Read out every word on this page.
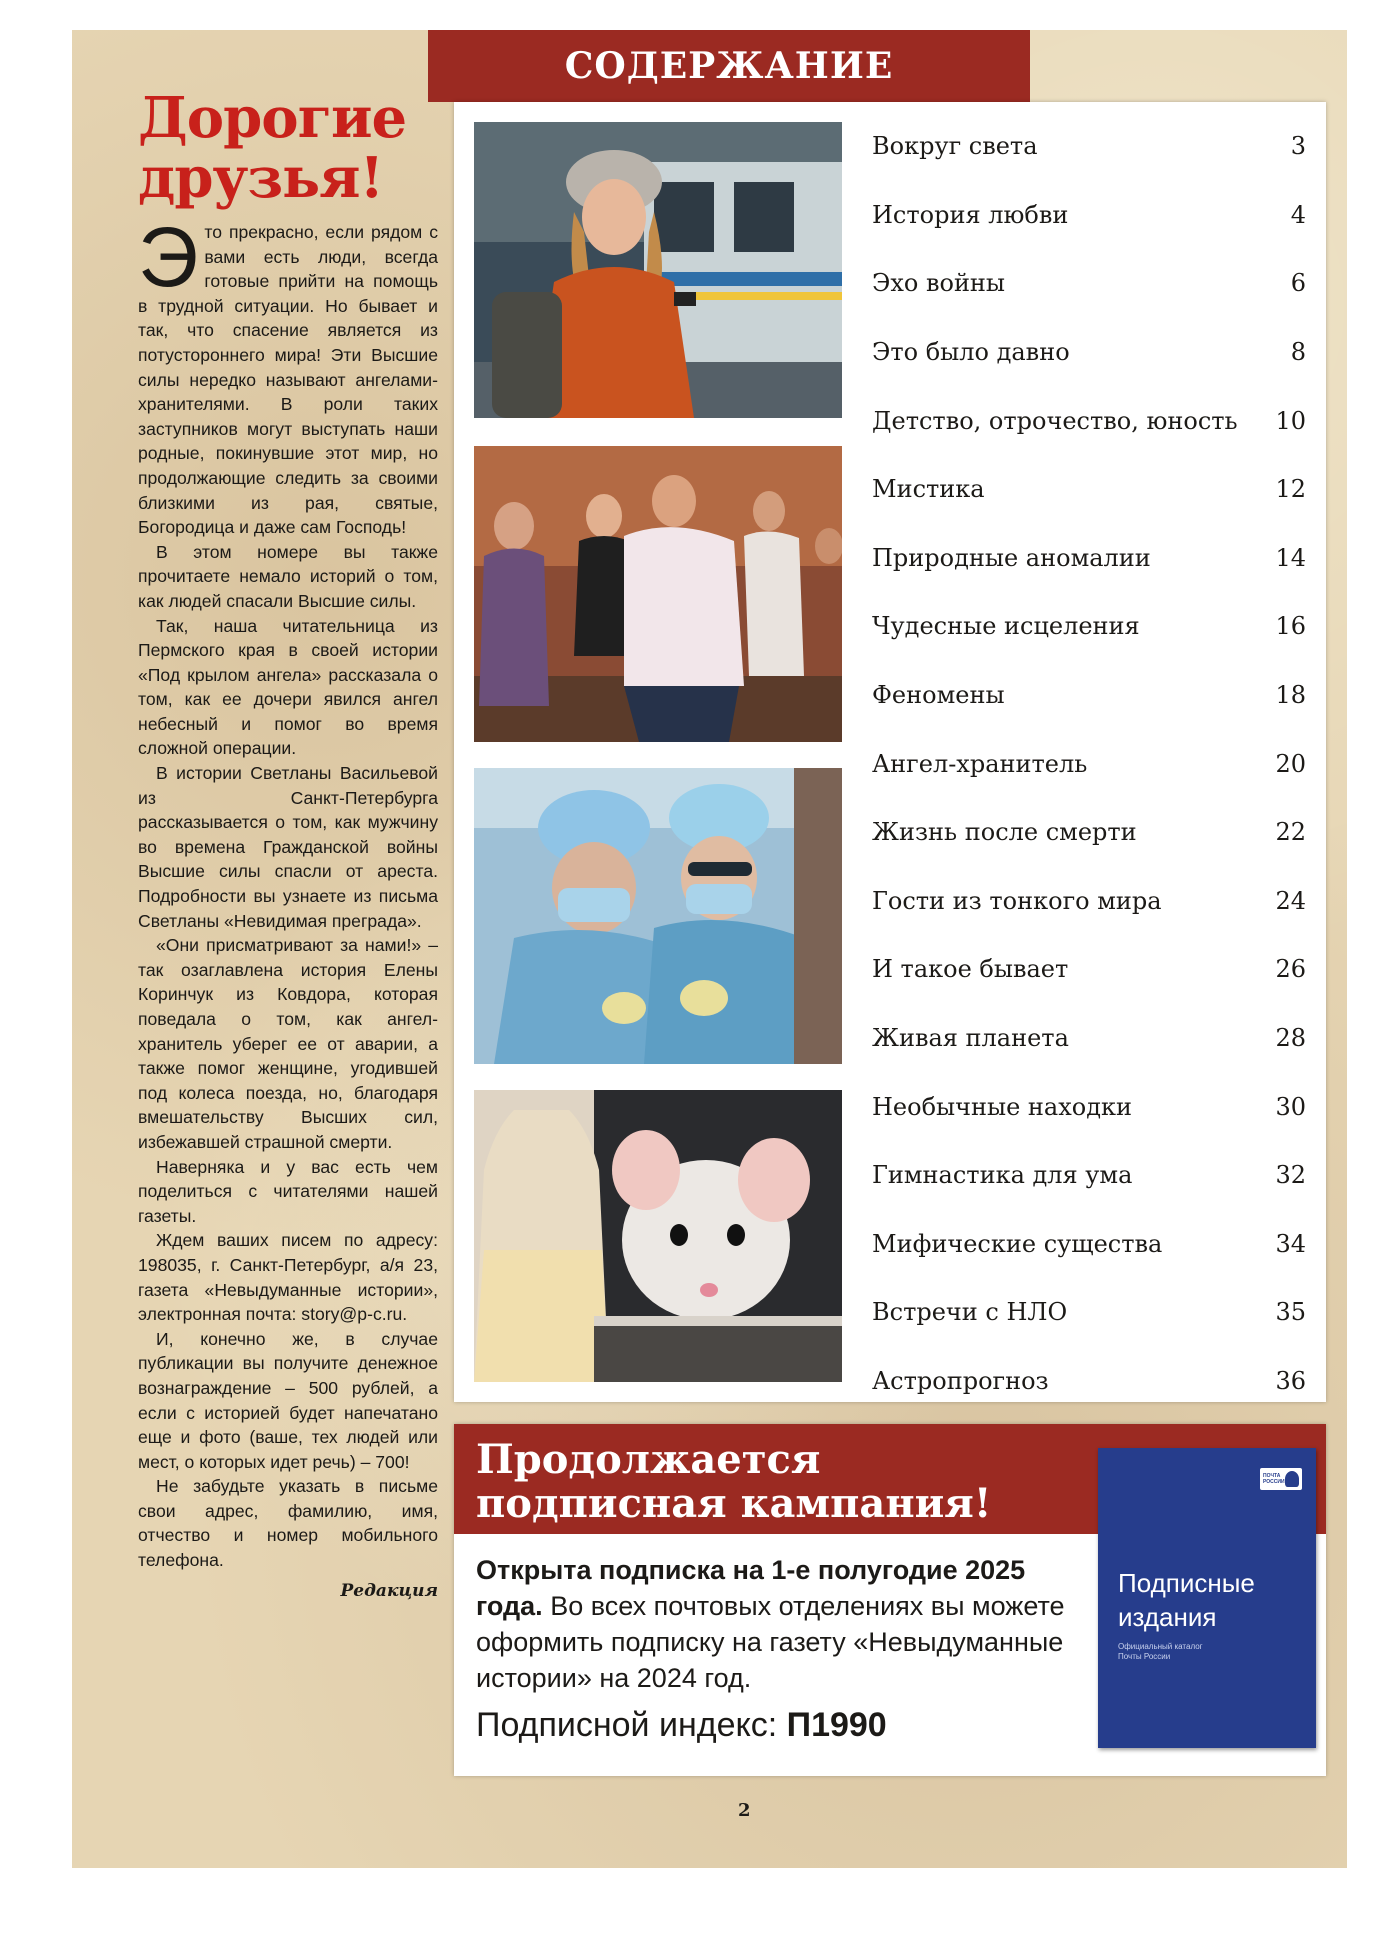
Дорогие
друзья!

Это прекрасно, если рядом с вами есть люди, всегда готовые прийти на помощь в трудной ситуации. Но бывает и так, что спасение является из потустороннего мира! Эти Высшие силы нередко называют ангелами-хранителями. В роли таких заступников могут выступать наши родные, покинувшие этот мир, но продолжающие следить за своими близкими из рая, святые, Богородица и даже сам Господь!

В этом номере вы также прочитаете немало историй о том, как людей спасали Высшие силы.

Так, наша читательница из Пермского края в своей истории «Под крылом ангела» рассказала о том, как ее дочери явился ангел небесный и помог во время сложной операции.

В истории Светланы Васильевой из Санкт-Петербурга рассказывается о том, как мужчину во времена Гражданской войны Высшие силы спасли от ареста. Подробности вы узнаете из письма Светланы «Невидимая преграда».

«Они присматривают за нами!» – так озаглавлена история Елены Коринчук из Ковдора, которая поведала о том, как ангел-хранитель уберег ее от аварии, а также помог женщине, угодившей под колеса поезда, но, благодаря вмешательству Высших сил, избежавшей страшной смерти.

Наверняка и у вас есть чем поделиться с читателями нашей газеты.

Ждем ваших писем по адресу: 198035, г. Санкт-Петербург, а/я 23, газета «Невыдуманные истории», электронная почта: story@p-c.ru.

И, конечно же, в случае публикации вы получите денежное вознаграждение – 500 рублей, а если с историей будет напечатано еще и фото (ваше, тех людей или мест, о которых идет речь) – 700!

Не забудьте указать в письме свои адрес, фамилию, имя, отчество и номер мобильного телефона.

Редакция
СОДЕРЖАНИЕ
Вокруг света	3
История любви	4
Эхо войны	6
Это было давно	8
Детство, отрочество, юность 10
Мистика	12
Природные аномалии	14
Чудесные исцеления	16
Феномены	18
Ангел-хранитель	20
Жизнь после смерти	22
Гости из тонкого мира	24
И такое бывает	26
Живая планета	28
Необычные находки	30
Гимнастика для ума	32
Мифические существа	34
Встречи с НЛО	35
Астропрогноз	36
Продолжается
подписная кампания!
Открыта подписка на 1-е полугодие 2025 года. Во всех почтовых отделениях вы можете оформить подписку на газету «Невыдуманные истории» на 2024 год.
Подписной индекс: П1990
ПОЧТА РОССИИ
Подписные
издания
Официальный каталог Почты России
2
